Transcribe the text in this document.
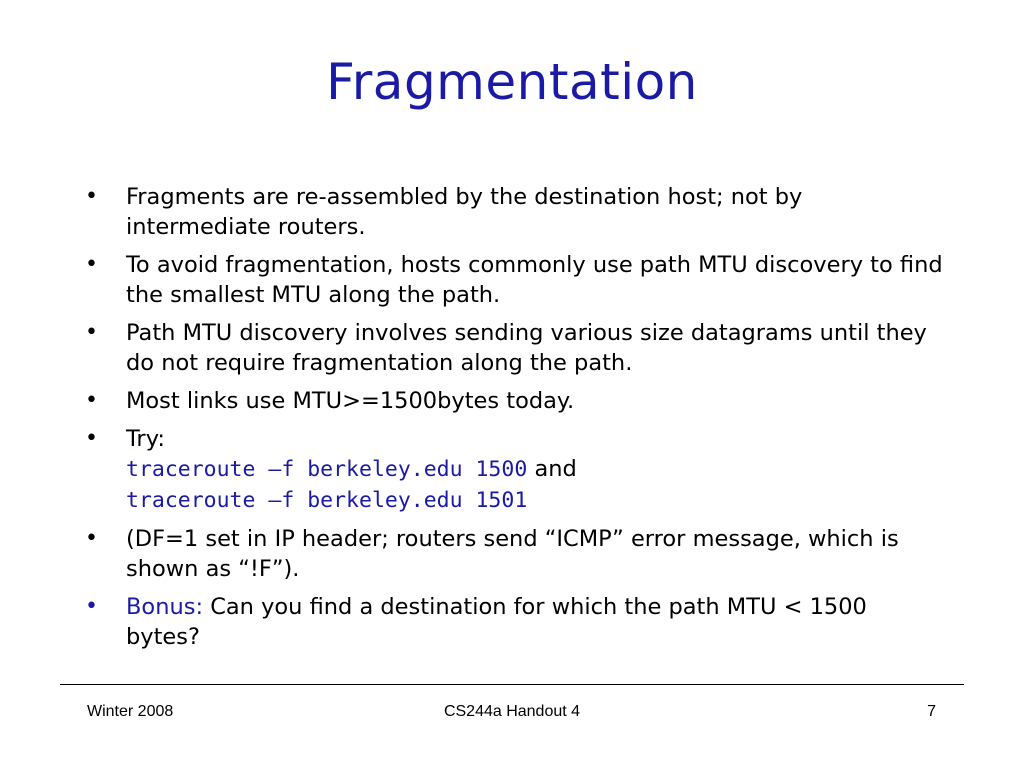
Fragmentation
• Fragments are re-assembled by the destination host; not by intermediate routers.
• To avoid fragmentation, hosts commonly use path MTU discovery to find the smallest MTU along the path.
• Path MTU discovery involves sending various size datagrams until they do not require fragmentation along the path.
• Most links use MTU>=1500bytes today.
• Try:
traceroute –f berkeley.edu 1500 and
traceroute –f berkeley.edu 1501
• (DF=1 set in IP header; routers send “ICMP” error message, which is shown as “!F”).
• Bonus: Can you find a destination for which the path MTU < 1500 bytes?
Winter 2008	CS244a Handout 4	7
